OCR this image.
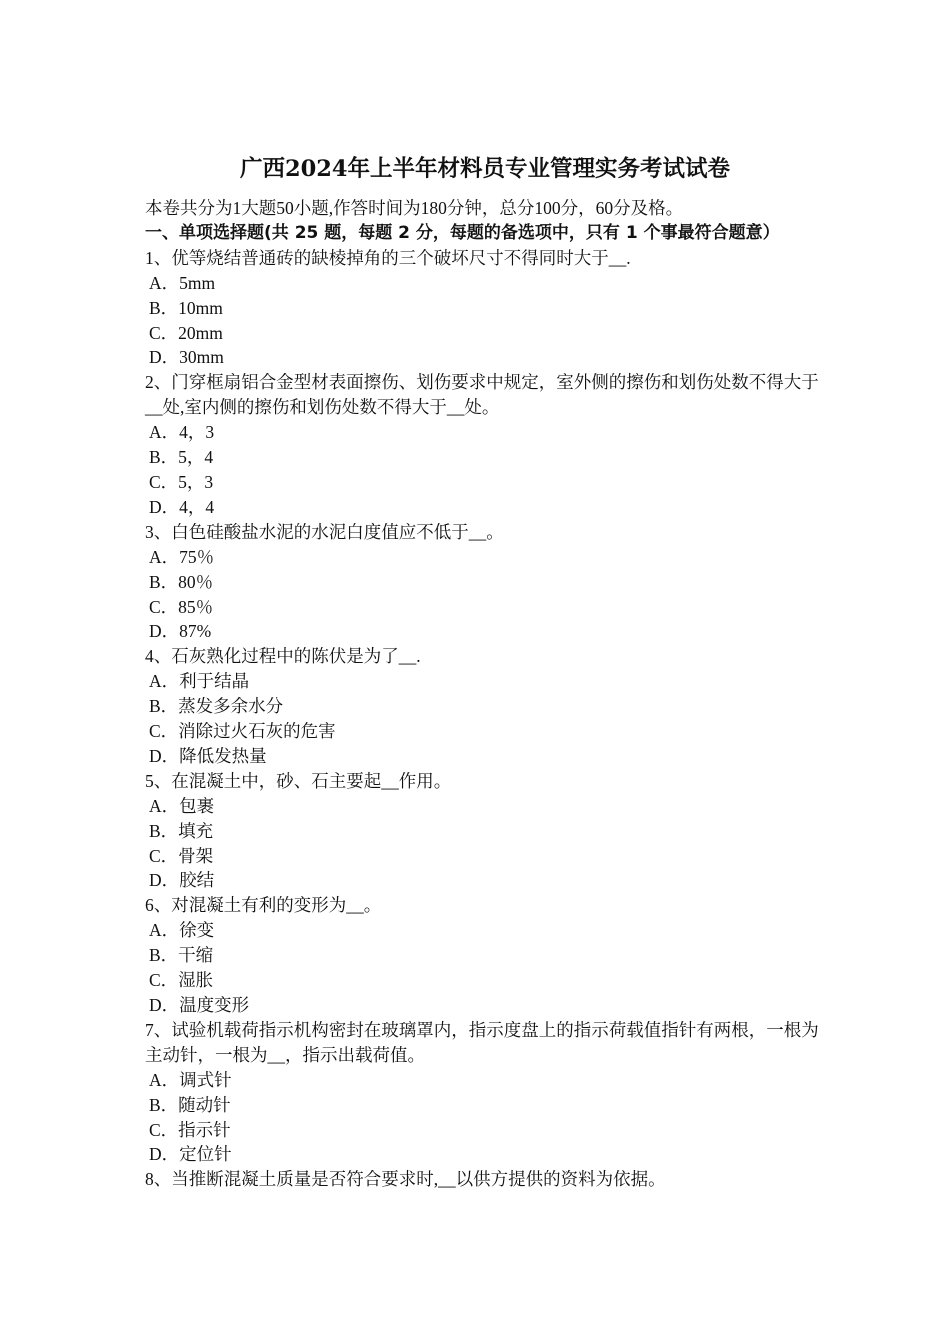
广西2024年上半年材料员专业管理实务考试试卷
本卷共分为1大题50小题,作答时间为180分钟，总分100分，60分及格。
一、单项选择题(共 25 题，每题 2 分，每题的备选项中，只有 1 个事最符合题意）
1、优等烧结普通砖的缺棱掉角的三个破坏尺寸不得同时大于__.
A．5mm
B．10mm
C．20mm
D．30mm
2、门穿框扇铝合金型材表面擦伤、划伤要求中规定，室外侧的擦伤和划伤处数不得大于__处,室内侧的擦伤和划伤处数不得大于__处。
A．4，3
B．5，4
C．5，3
D．4，4
3、白色硅酸盐水泥的水泥白度值应不低于__。
A．75％
B．80％
C．85％
D．87%
4、石灰熟化过程中的陈伏是为了__.
A．利于结晶
B．蒸发多余水分
C．消除过火石灰的危害
D．降低发热量
5、在混凝土中，砂、石主要起__作用。
A．包裹
B．填充
C．骨架
D．胶结
6、对混凝土有利的变形为__。
A．徐变
B．干缩
C．湿胀
D．温度变形
7、试验机载荷指示机构密封在玻璃罩内，指示度盘上的指示荷载值指针有两根，一根为主动针，一根为__，指示出载荷值。
A．调式针
B．随动针
C．指示针
D．定位针
8、当推断混凝土质量是否符合要求时,__以供方提供的资料为依据。
